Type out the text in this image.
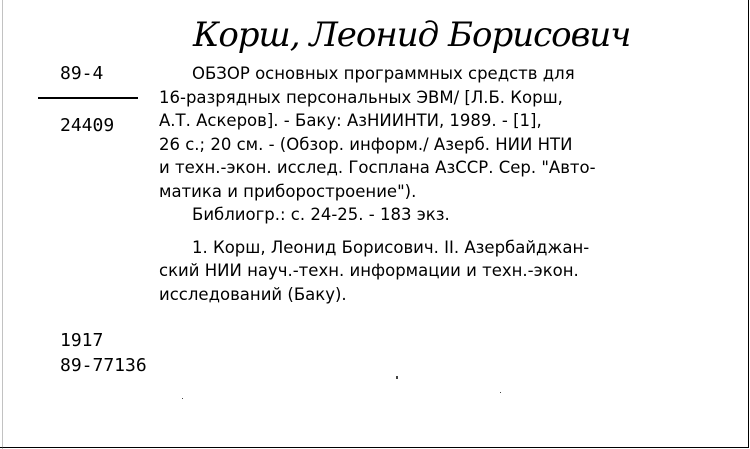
Корш, Леонид Борисович
89-4
24409
ОБЗОР основных программных средств для
16-разрядных персональных ЭВМ/ [Л.Б. Корш,
А.Т. Аскеров]. - Баку: АзНИИНТИ, 1989. - [1],
26 с.; 20 см. - (Обзор. информ./ Азерб. НИИ НТИ
и техн.-экон. исслед. Госплана АзССР. Сер. "Авто-
матика и приборостроение").
Библиогр.: с. 24-25. - 183 экз.
1. Корш, Леонид Борисович. II. Азербайджан-
ский НИИ науч.-техн. информации и техн.-экон.
исследований (Баку).
1917
89-77136
